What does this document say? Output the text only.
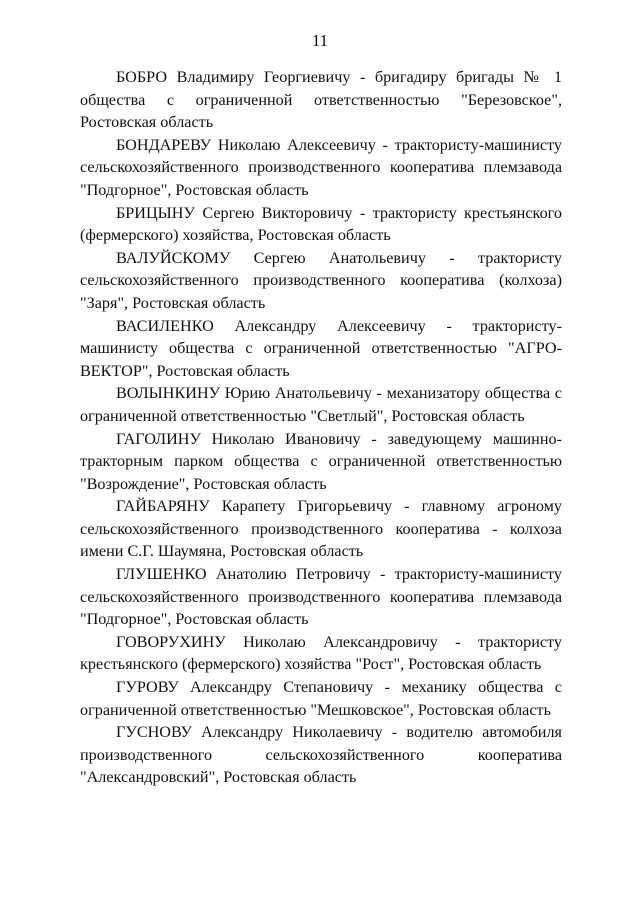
11

БОБРО Владимиру Георгиевичу - бригадиру бригады № 1 общества с ограниченной ответственностью "Березовское", Ростовская область

БОНДАРЕВУ Николаю Алексеевичу - трактористу-машинисту сельскохозяйственного производственного кооператива племзавода "Подгорное", Ростовская область

БРИЦЫНУ Сергею Викторовичу - трактористу крестьянского (фермерского) хозяйства, Ростовская область

ВАЛУЙСКОМУ Сергею Анатольевичу - трактористу сельскохозяйственного производственного кооператива (колхоза) "Заря", Ростовская область

ВАСИЛЕНКО Александру Алексеевичу - трактористу-машинисту общества с ограниченной ответственностью "АГРО-ВЕКТОР", Ростовская область

ВОЛЫНКИНУ Юрию Анатольевичу - механизатору общества с ограниченной ответственностью "Светлый", Ростовская область

ГАГОЛИНУ Николаю Ивановичу - заведующему машинно-тракторным парком общества с ограниченной ответственностью "Возрождение", Ростовская область

ГАЙБАРЯНУ Карапету Григорьевичу - главному агроному сельскохозяйственного производственного кооператива - колхоза имени С.Г. Шаумяна, Ростовская область

ГЛУШЕНКО Анатолию Петровичу - трактористу-машинисту сельскохозяйственного производственного кооператива племзавода "Подгорное", Ростовская область

ГОВОРУХИНУ Николаю Александровичу - трактористу крестьянского (фермерского) хозяйства "Рост", Ростовская область

ГУРОВУ Александру Степановичу - механику общества с ограниченной ответственностью "Мешковское", Ростовская область

ГУСНОВУ Александру Николаевичу - водителю автомобиля производственного сельскохозяйственного кооператива "Александровский", Ростовская область
